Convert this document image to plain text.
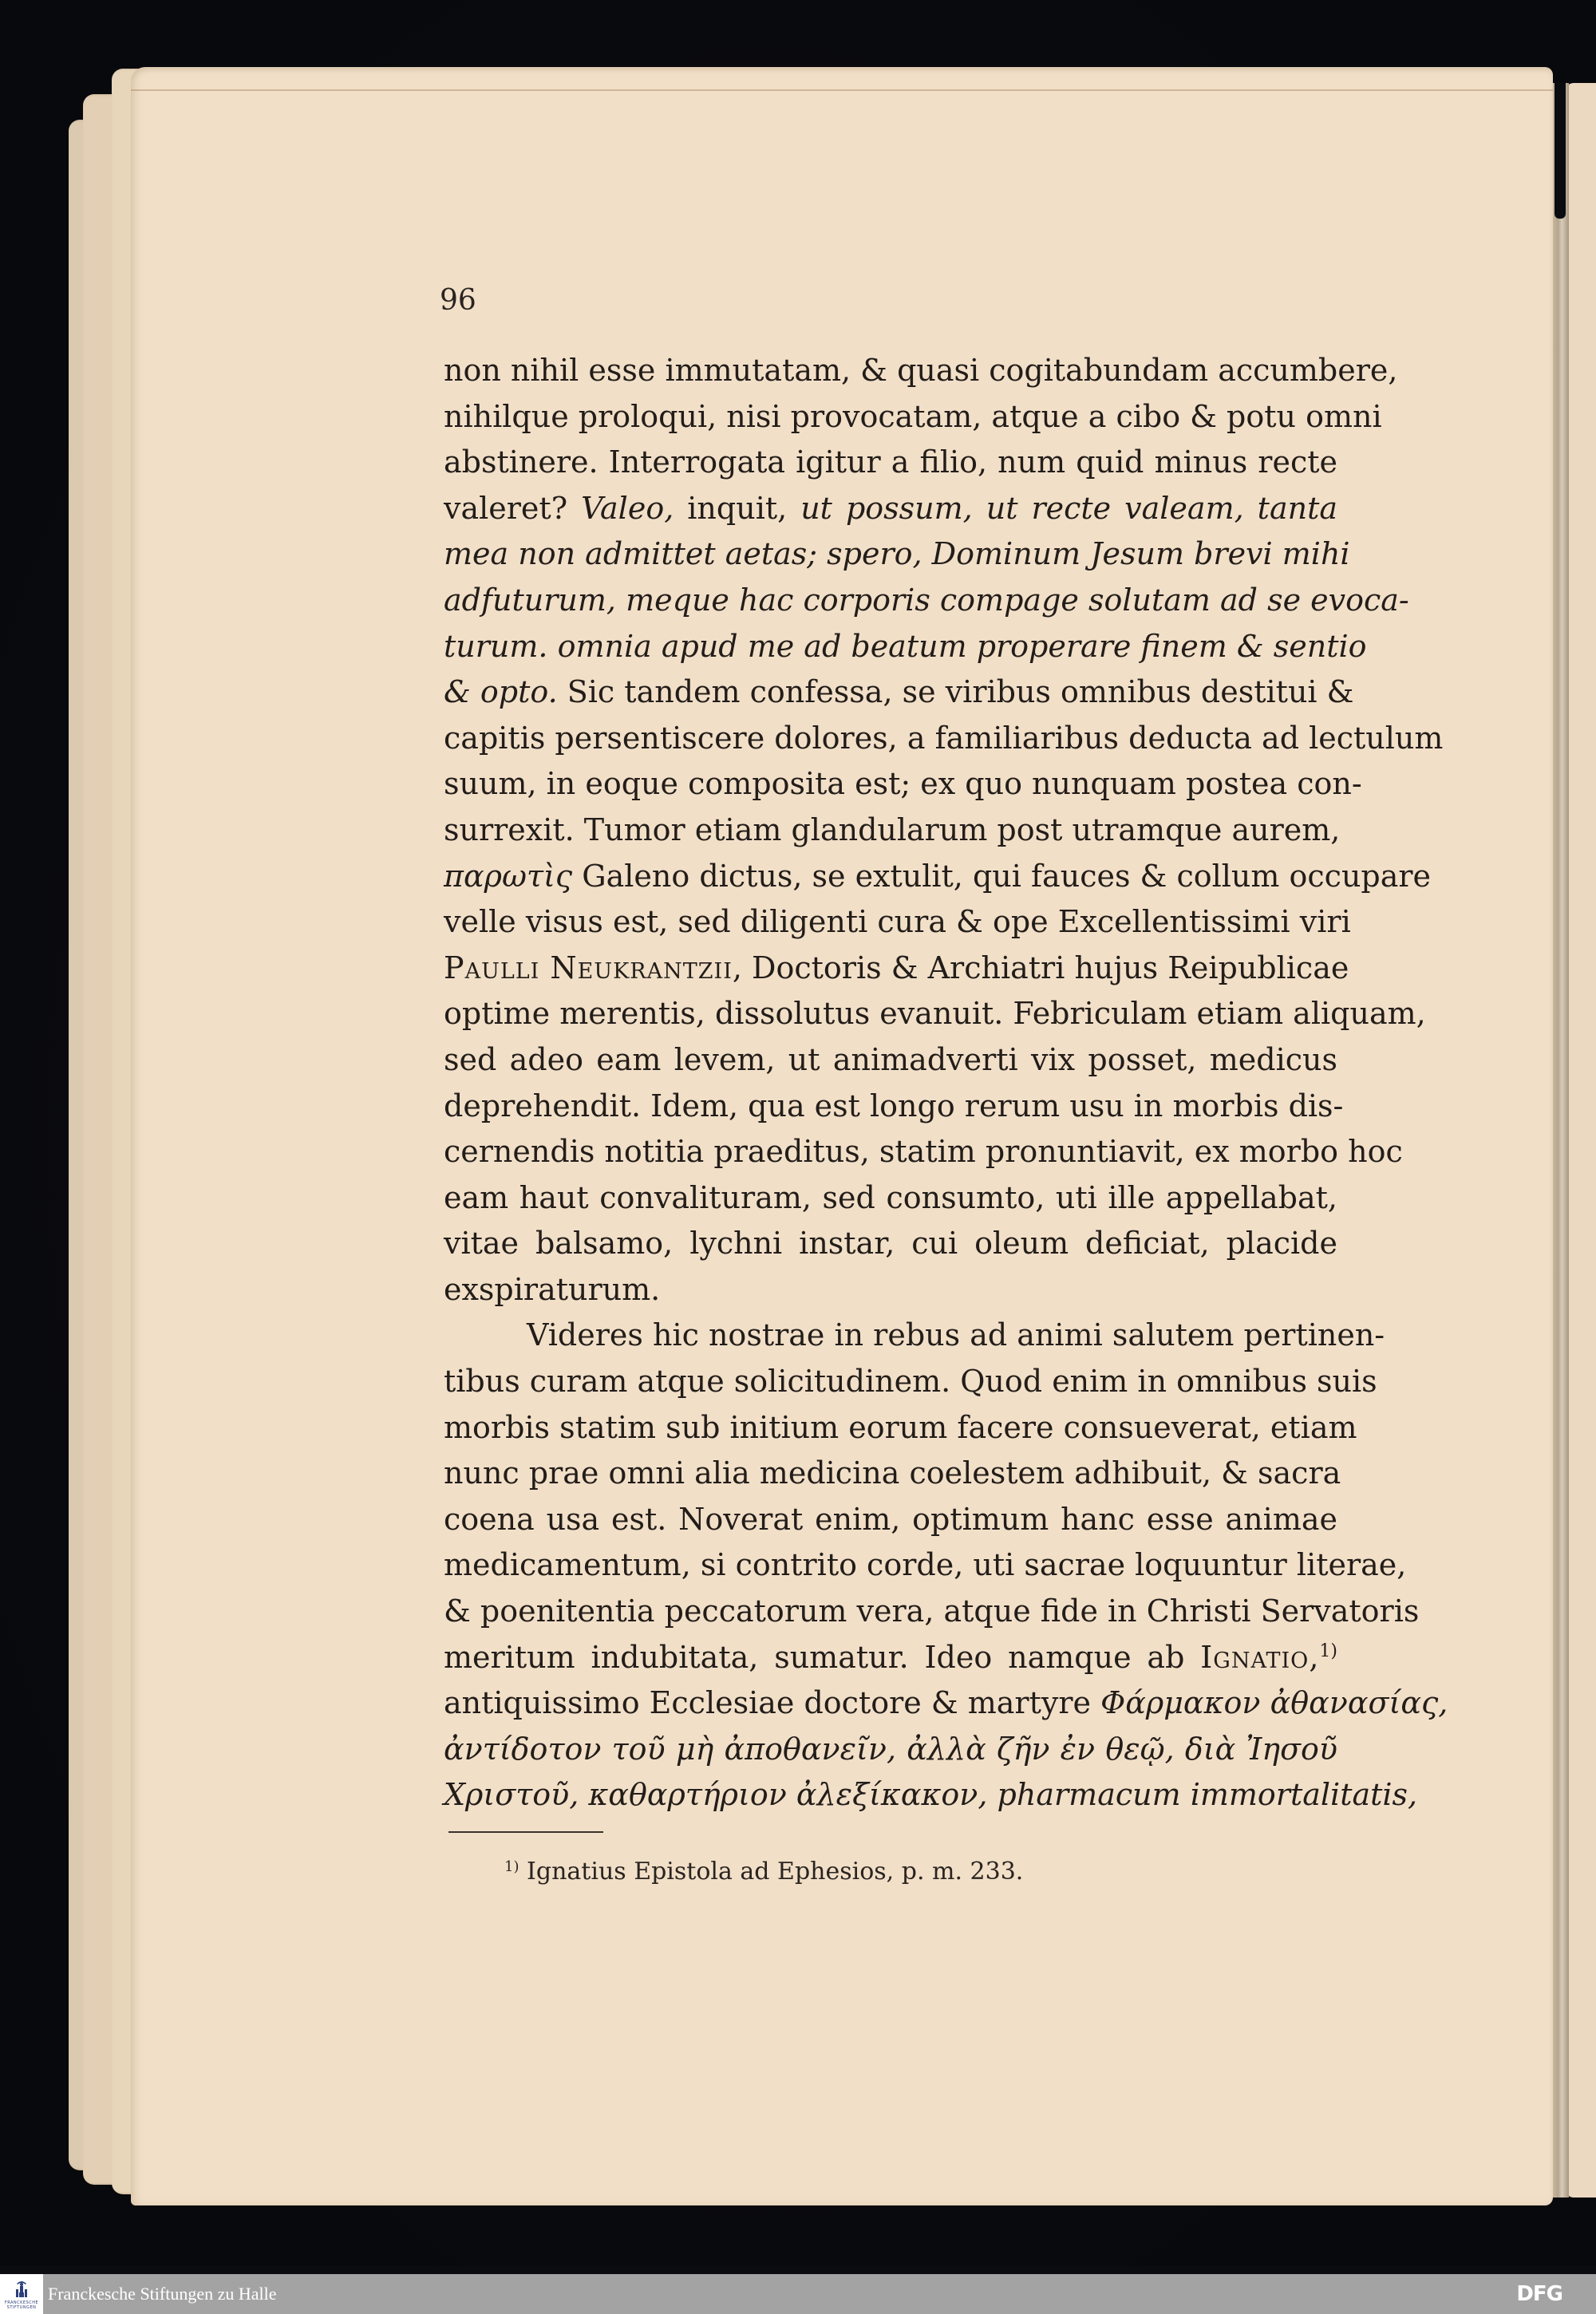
96
non nihil esse immutatam, & quasi cogitabundam accumbere,
nihilque proloqui, nisi provocatam, atque a cibo & potu omni
abstinere. Interrogata igitur a filio, num quid minus recte
valeret? Valeo, inquit, ut possum, ut recte valeam, tanta
mea non admittet aetas; spero, Dominum Jesum brevi mihi
adfuturum, meque hac corporis compage solutam ad se evoca-
turum. omnia apud me ad beatum properare finem & sentio
& opto. Sic tandem confessa, se viribus omnibus destitui &
capitis persentiscere dolores, a familiaribus deducta ad lectulum
suum, in eoque composita est; ex quo nunquam postea con-
surrexit. Tumor etiam glandularum post utramque aurem,
παρωτὶς Galeno dictus, se extulit, qui fauces & collum occupare
velle visus est, sed diligenti cura & ope Excellentissimi viri
Paulli Neukrantzii, Doctoris & Archiatri hujus Reipublicae
optime merentis, dissolutus evanuit. Febriculam etiam aliquam,
sed adeo eam levem, ut animadverti vix posset, medicus
deprehendit. Idem, qua est longo rerum usu in morbis dis-
cernendis notitia praeditus, statim pronuntiavit, ex morbo hoc
eam haut convalituram, sed consumto, uti ille appellabat,
vitae balsamo, lychni instar, cui oleum deficiat, placide
exspiraturum.
Videres hic nostrae in rebus ad animi salutem pertinen-
tibus curam atque solicitudinem. Quod enim in omnibus suis
morbis statim sub initium eorum facere consueverat, etiam
nunc prae omni alia medicina coelestem adhibuit, & sacra
coena usa est. Noverat enim, optimum hanc esse animae
medicamentum, si contrito corde, uti sacrae loquuntur literae,
& poenitentia peccatorum vera, atque fide in Christi Servatoris
meritum indubitata, sumatur. Ideo namque ab Ignatio,$^{1)}$
antiquissimo Ecclesiae doctore & martyre Φάρμακον ἀθανασίας,
ἀντίδοτον τοῦ μὴ ἀποθανεῖν, ἀλλὰ ζῆν ἐν θεῷ, διὰ Ἰησοῦ
Χριστοῦ, καθαρτήριον ἀλεξίκακον, pharmacum immortalitatis,
$^{1)}$ Ignatius Epistola ad Ephesios, p. m. 233.
FRANCKESCHE
STIFTUNGEN
Franckesche Stiftungen zu Halle	DFG
